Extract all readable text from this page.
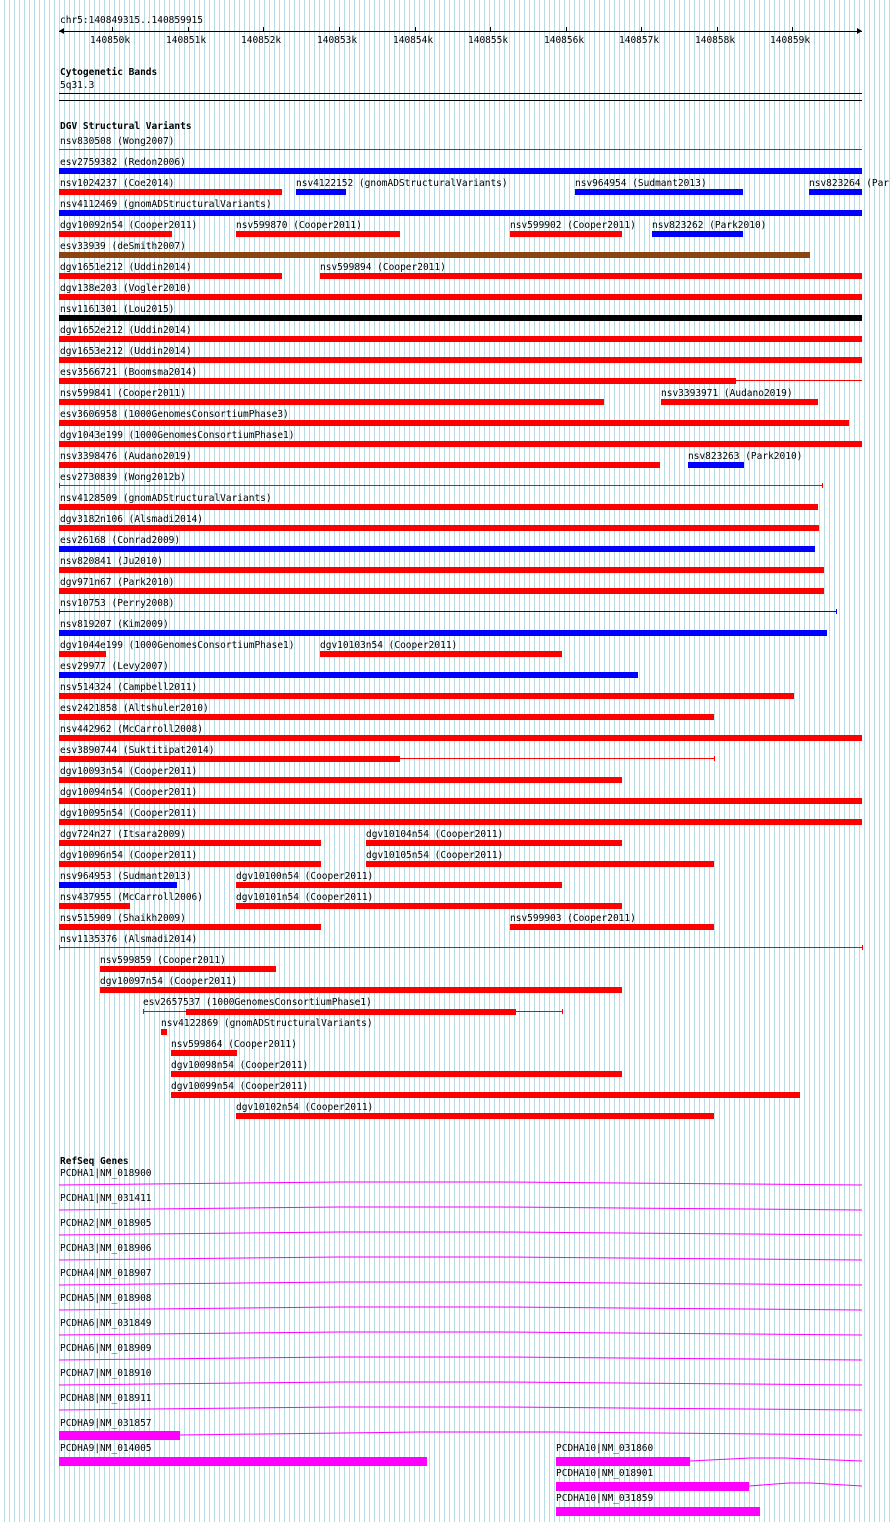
chr5:140849315..140859915
140850k	140851k	140852k	140853k	140854k	140855k	140856k	140857k	140858k	140859k
Cytogenetic Bands
5q31.3
DGV Structural Variants
nsv830508 (Wong2007)
esv2759382 (Redon2006)
nsv1024237 (Coe2014)	nsv4122152 (gnomADStructuralVariants)	nsv964954 (Sudmant2013)	nsv823264 (Par
nsv4112469 (gnomADStructuralVariants)
dgv10092n54 (Cooper2011)	nsv599870 (Cooper2011)	nsv599902 (Cooper2011) nsv823262 (Park2010)
esv33939 (deSmith2007)
dgv1651e212 (Uddin2014)	nsv599894 (Cooper2011)
dgv138e203 (Vogler2010)
nsv1161301 (Lou2015)
dgv1652e212 (Uddin2014)
dgv1653e212 (Uddin2014)
esv3566721 (Boomsma2014)
nsv599841 (Cooper2011)	nsv3393971 (Audano2019)
esv3606958 (1000GenomesConsortiumPhase3)
dgv1043e199 (1000GenomesConsortiumPhase1)
nsv3398476 (Audano2019)	nsv823263 (Park2010)
esv2730839 (Wong2012b)
nsv4128509 (gnomADStructuralVariants)
dgv3182n106 (Alsmadi2014)
esv26168 (Conrad2009)
nsv820841 (Ju2010)
dgv971n67 (Park2010)
nsv10753 (Perry2008)
nsv819207 (Kim2009)
dgv1044e199 (1000GenomesConsortiumPhase1)	dgv10103n54 (Cooper2011)
esv29977 (Levy2007)
nsv514324 (Campbell2011)
esv2421858 (Altshuler2010)
nsv442962 (McCarroll2008)
esv3890744 (Suktitipat2014)
dgv10093n54 (Cooper2011)
dgv10094n54 (Cooper2011)
dgv10095n54 (Cooper2011)
dgv724n27 (Itsara2009)	dgv10104n54 (Cooper2011)
dgv10096n54 (Cooper2011)	dgv10105n54 (Cooper2011)
nsv964953 (Sudmant2013)	dgv10100n54 (Cooper2011)
nsv437955 (McCarroll2006)	dgv10101n54 (Cooper2011)
nsv515909 (Shaikh2009)	nsv599903 (Cooper2011)
nsv1135376 (Alsmadi2014)
nsv599859 (Cooper2011)
dgv10097n54 (Cooper2011)
esv2657537 (1000GenomesConsortiumPhase1)
nsv4122869 (gnomADStructuralVariants)
nsv599864 (Cooper2011)
dgv10098n54 (Cooper2011)
dgv10099n54 (Cooper2011)
dgv10102n54 (Cooper2011)
RefSeq Genes
PCDHA1|NM_018900
PCDHA1|NM_031411
PCDHA2|NM_018905
PCDHA3|NM_018906
PCDHA4|NM_018907
PCDHA5|NM_018908
PCDHA6|NM_031849
PCDHA6|NM_018909
PCDHA7|NM_018910
PCDHA8|NM_018911
PCDHA9|NM_031857
PCDHA9|NM_014005	PCDHA10|NM_031860
PCDHA10|NM_018901
PCDHA10|NM_031859
